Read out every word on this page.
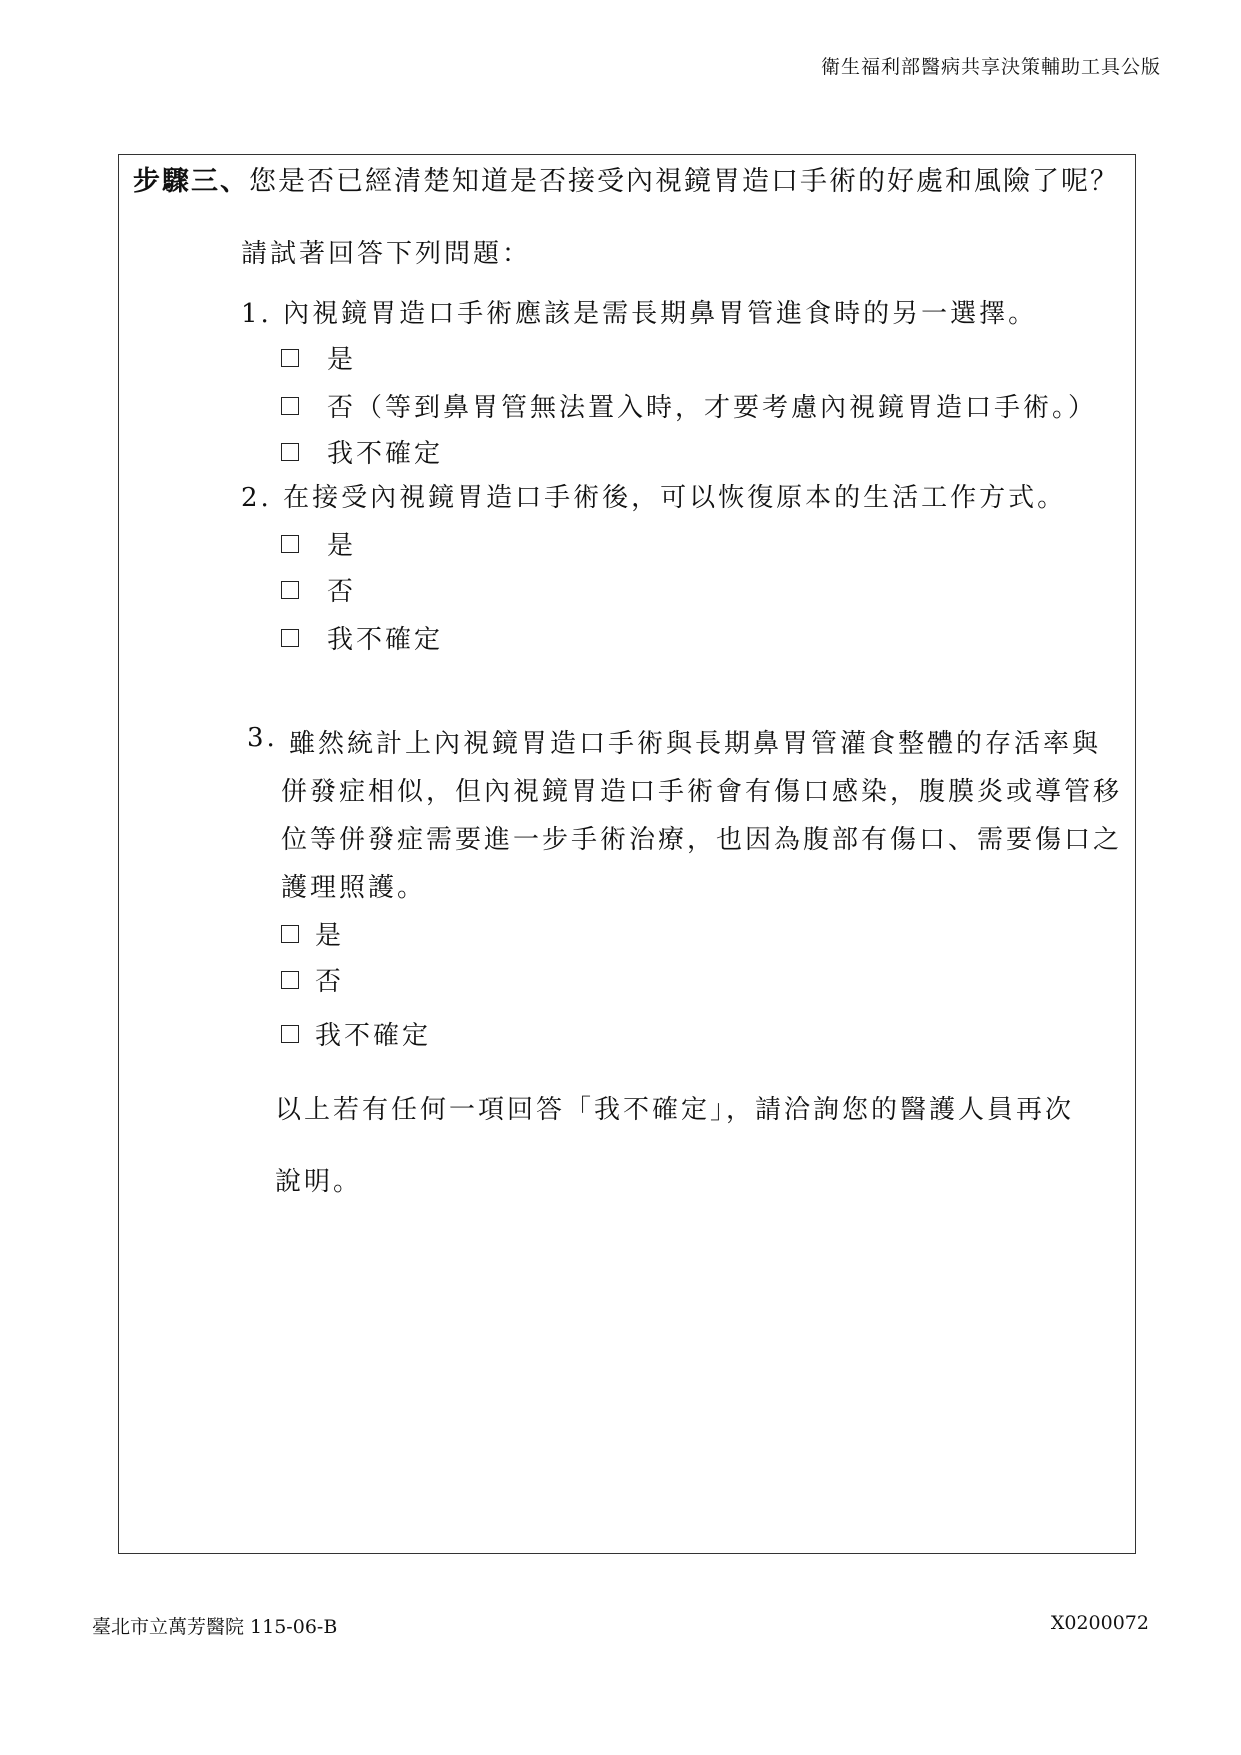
衛生福利部醫病共享決策輔助工具公版
步驟三、您是否已經清楚知道是否接受內視鏡胃造口手術的好處和風險了呢？
請試著回答下列問題：
1. 內視鏡胃造口手術應該是需長期鼻胃管進食時的另一選擇。
是
否（等到鼻胃管無法置入時，才要考慮內視鏡胃造口手術。）
我不確定
2. 在接受內視鏡胃造口手術後，可以恢復原本的生活工作方式。
是
否
我不確定
3. 雖然統計上內視鏡胃造口手術與長期鼻胃管灌食整體的存活率與
併發症相似，但內視鏡胃造口手術會有傷口感染，腹膜炎或導管移
位等併發症需要進一步手術治療，也因為腹部有傷口、需要傷口之
護理照護。
是
否
我不確定
以上若有任何一項回答「我不確定」，請洽詢您的醫護人員再次
說明。
臺北市立萬芳醫院 115-06-B	X0200072
